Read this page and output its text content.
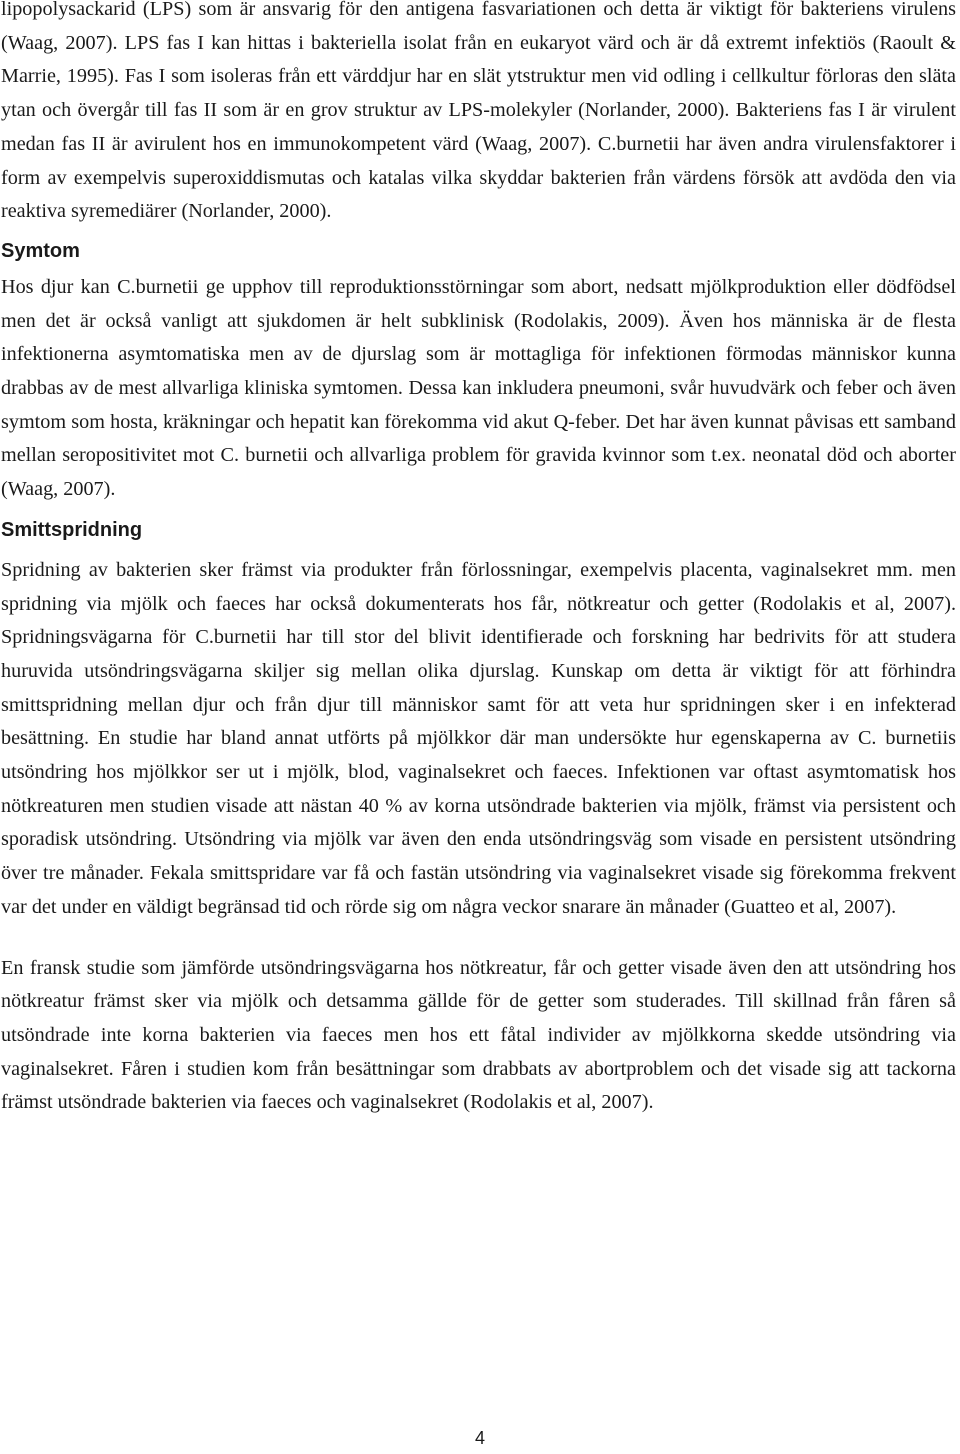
lipopolysackarid (LPS) som är ansvarig för den antigena fasvariationen och detta är viktigt för bakteriens virulens (Waag, 2007). LPS fas I kan hittas i bakteriella isolat från en eukaryot värd och är då extremt infektiös (Raoult & Marrie, 1995). Fas I som isoleras från ett värddjur har en slät ytstruktur men vid odling i cellkultur förloras den släta ytan och övergår till fas II som är en grov struktur av LPS-molekyler (Norlander, 2000). Bakteriens fas I är virulent medan fas II är avirulent hos en immunokompetent värd (Waag, 2007). C.burnetii har även andra virulensfaktorer i form av exempelvis superoxiddismutas och katalas vilka skyddar bakterien från värdens försök att avdöda den via reaktiva syremediärer (Norlander, 2000).

Symtom

Hos djur kan C.burnetii ge upphov till reproduktionsstörningar som abort, nedsatt mjölkproduktion eller dödfödsel men det är också vanligt att sjukdomen är helt subklinisk (Rodolakis, 2009). Även hos människa är de flesta infektionerna asymtomatiska men av de djurslag som är mottagliga för infektionen förmodas människor kunna drabbas av de mest allvarliga kliniska symtomen. Dessa kan inkludera pneumoni, svår huvudvärk och feber och även symtom som hosta, kräkningar och hepatit kan förekomma vid akut Q-feber. Det har även kunnat påvisas ett samband mellan seropositivitet mot C. burnetii och allvarliga problem för gravida kvinnor som t.ex. neonatal död och aborter (Waag, 2007).

Smittspridning

Spridning av bakterien sker främst via produkter från förlossningar, exempelvis placenta, vaginalsekret mm. men spridning via mjölk och faeces har också dokumenterats hos får, nötkreatur och getter (Rodolakis et al, 2007). Spridningsvägarna för C.burnetii har till stor del blivit identifierade och forskning har bedrivits för att studera huruvida utsöndringsvägarna skiljer sig mellan olika djurslag. Kunskap om detta är viktigt för att förhindra smittspridning mellan djur och från djur till människor samt för att veta hur spridningen sker i en infekterad besättning. En studie har bland annat utförts på mjölkkor där man undersökte hur egenskaperna av C. burnetiis utsöndring hos mjölkkor ser ut i mjölk, blod, vaginalsekret och faeces. Infektionen var oftast asymtomatisk hos nötkreaturen men studien visade att nästan 40 % av korna utsöndrade bakterien via mjölk, främst via persistent och sporadisk utsöndring. Utsöndring via mjölk var även den enda utsöndringsväg som visade en persistent utsöndring över tre månader. Fekala smittspridare var få och fastän utsöndring via vaginalsekret visade sig förekomma frekvent var det under en väldigt begränsad tid och rörde sig om några veckor snarare än månader (Guatteo et al, 2007).

En fransk studie som jämförde utsöndringsvägarna hos nötkreatur, får och getter visade även den att utsöndring hos nötkreatur främst sker via mjölk och detsamma gällde för de getter som studerades. Till skillnad från fåren så utsöndrade inte korna bakterien via faeces men hos ett fåtal individer av mjölkkorna skedde utsöndring via vaginalsekret. Fåren i studien kom från besättningar som drabbats av abortproblem och det visade sig att tackorna främst utsöndrade bakterien via faeces och vaginalsekret (Rodolakis et al, 2007).

4
